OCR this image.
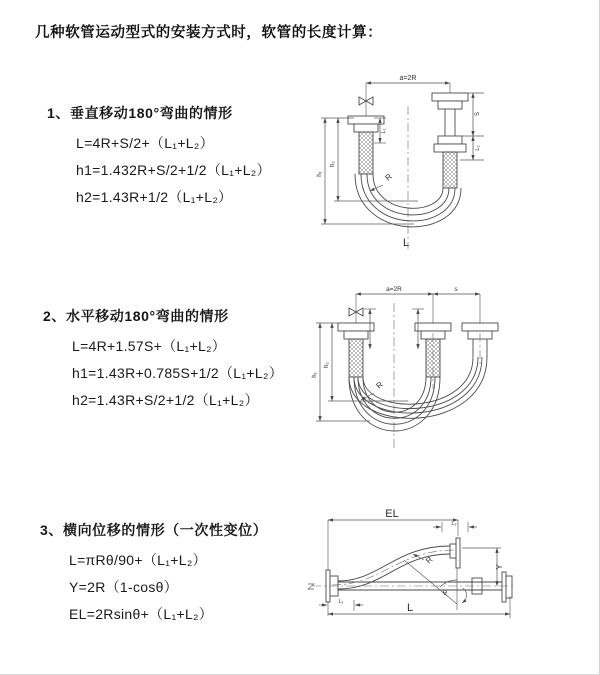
几种软管运动型式的安装方式时，软管的长度计算：
1、垂直移动180°弯曲的情形
L=4R+S/2+（L₁+L₂）
h1=1.432R+S/2+1/2（L₁+L₂）
h2=1.43R+1/2（L₁+L₂）
2、水平移动180°弯曲的情形
L=4R+1.57S+（L₁+L₂）
h1=1.43R+0.785S+1/2（L₁+L₂）
h2=1.43R+S/2+1/2（L₁+L₂）
3、横向位移的情形（一次性变位）
L=πRθ/90+（L₁+L₂）
Y=2R（1-cosθ）
EL=2Rsinθ+（L₁+L₂）
a=2R
h₁
h₂
L₁
S
L₂
R
L
a=2R	s
h₁
h₂
R
EL
L₂
θ
R
Y
L₁	L
